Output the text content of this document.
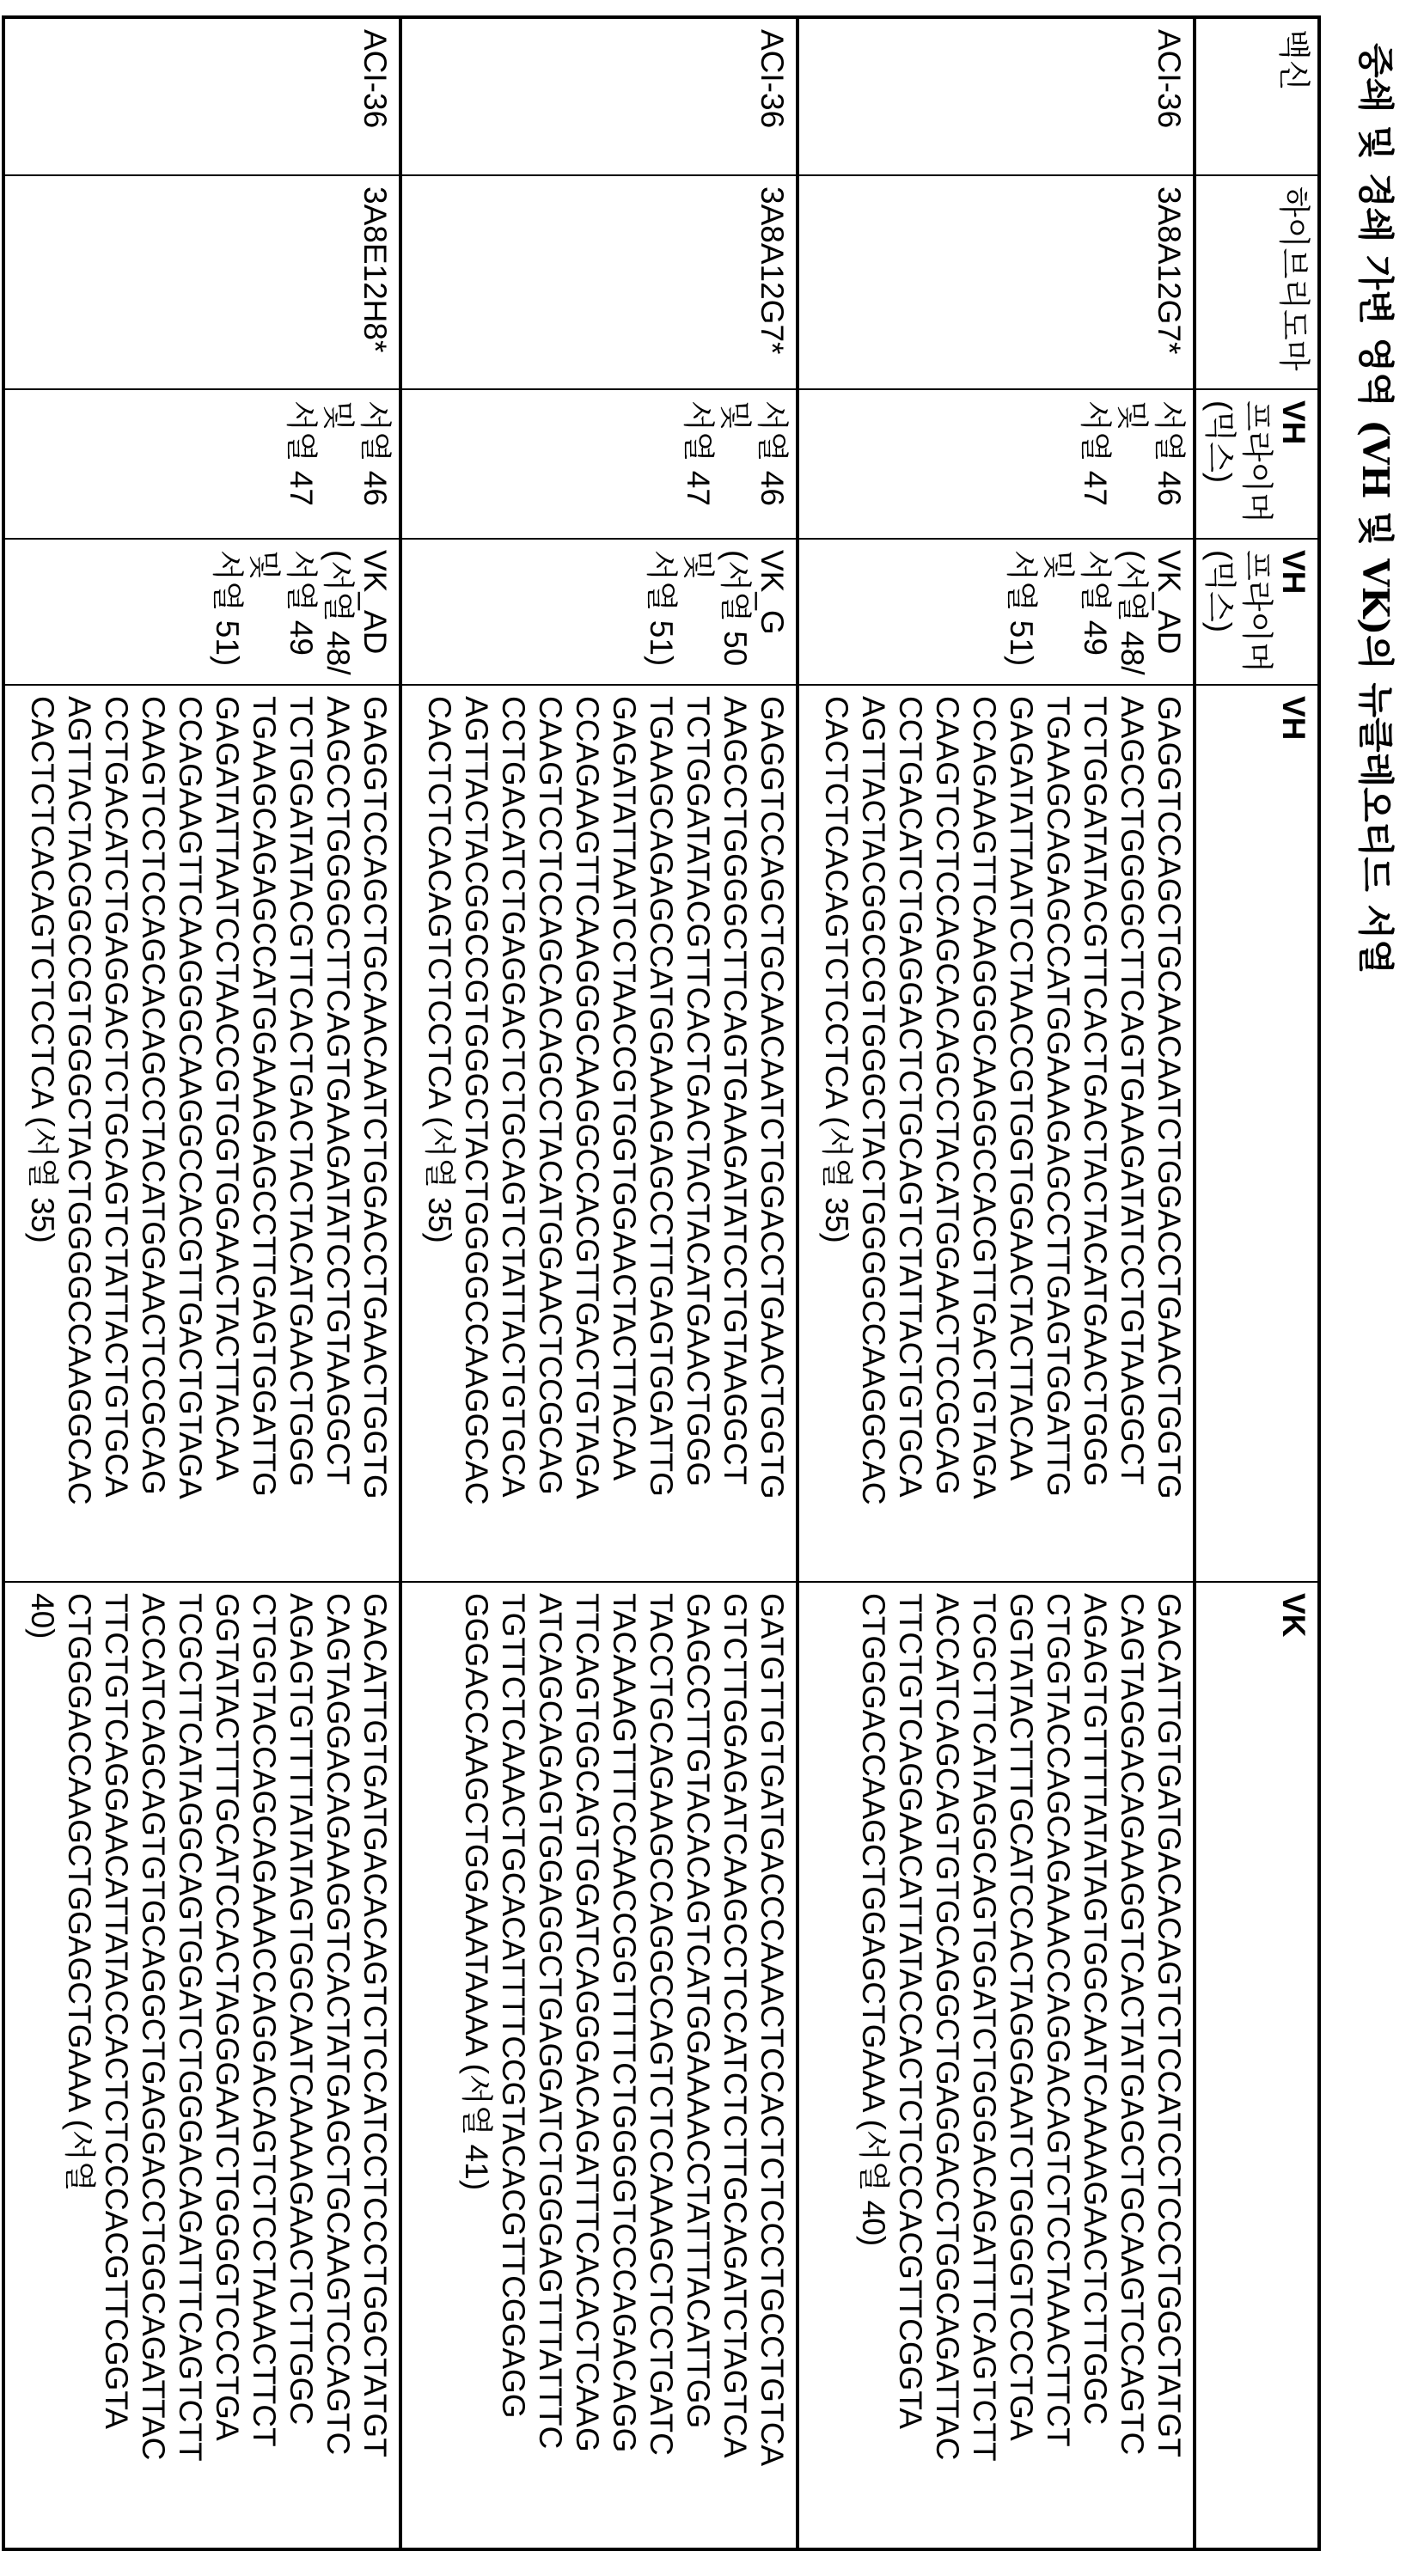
중쇄 및 경쇄 가변 영역 (VH 및 VK)의 뉴클레오티드 서열
백신	하이브리도마	
VH
프라이머
(믹스)

VH
프라이머
(믹스)
	VH	VK
ACI-36	3A8A12G7*	
서열 46
및
서열 47

VK_AD
(서열 48/
서열 49
및
서열 51)

GAGGTCCAGCTGCAACAATCTGGACCTGAACTGGTG
AAGCCTGGGGCTTCAGTGAAGATATCCTGTAAGGCT
TCTGGATATACGTTCACTGACTACTACATGAACTGGG
TGAAGCAGAGCCATGGAAAGAGCCTTGAGTGGATTG
GAGATATTAATCCTAACCGTGGTGGAACTACTTACAA
CCAGAAGTTCAAGGGCAAGGCCACGTTGACTGTAGA
CAAGTCCTCCAGCACAGCCTACATGGAACTCCGCAG
CCTGACATCTGAGGACTCTGCAGTCTATTACTGTGCA
AGTTACTACGGCCGTGGGCTACTGGGGCCAAGGCAC
CACTCTCACAGTCTCCTCA (서열 35)

GACATTGTGATGACACAGTCTCCATCCTCCCTGGCTATGT
CAGTAGGACAGAAGGTCACTATGAGCTGCAAGTCCAGTC
AGAGTGTTTTATATAGTGGCAATCAAAAGAACTCTTGGC
CTGGTACCAGCAGAAACCAGGACAGTCTCCTAAACTTCT
GGTATACTTTGCATCCACTAGGGAATCTGGGGTCCCTGA
TCGCTTCATAGGCAGTGGATCTGGGACAGATTTCAGTCTT
ACCATCAGCAGTGTGCAGGCTGAGGACCTGGCAGATTAC
TTCTGTCAGGAACATTATACCACTCTCCCACGTTCGGTA
CTGGGACCAAGCTGGAGCTGAAA (서열 40)

ACI-36	3A8A12G7*	
서열 46
및
서열 47

VK_G
(서열 50
및
서열 51)

GAGGTCCAGCTGCAACAATCTGGACCTGAACTGGTG
AAGCCTGGGGCTTCAGTGAAGATATCCTGTAAGGCT
TCTGGATATACGTTCACTGACTACTACATGAACTGGG
TGAAGCAGAGCCATGGAAAGAGCCTTGAGTGGATTG
GAGATATTAATCCTAACCGTGGTGGAACTACTTACAA
CCAGAAGTTCAAGGGCAAGGCCACGTTGACTGTAGA
CAAGTCCTCCAGCACAGCCTACATGGAACTCCGCAG
CCTGACATCTGAGGACTCTGCAGTCTATTACTGTGCA
AGTTACTACGGCCGTGGGCTACTGGGGCCAAGGCAC
CACTCTCACAGTCTCCTCA (서열 35)

GATGTTGTGATGACCCAAACTCCACTCTCCCTGCCTGTCA
GTCTTGGAGATCAAGCCTCCATCTCTTGCAGATCTAGTCA
GAGCCTTGTACACAGTCATGGAAAACCTATTTACATTGG
TACCTGCAGAAGCCAGGCCAGTCTCCAAAGCTCCTGATC
TACAAAGTTTCCAACCGGTTTTCTGGGGTCCCAGACAGG
TTCAGTGGCAGTGGATCAGGGACAGATTTCACACTCAAG
ATCAGCAGAGTGGAGGCTGAGGATCTGGGAGTTTATTTC
TGTTCTCAAACTGCACATTTTCCGTACACGTTCGGAGG
GGGACCAAGCTGGAAATAAAA (서열 41)

ACI-36	3A8E12H8*	
서열 46
및
서열 47

VK_AD
(서열 48/
서열 49
및
서열 51)

GAGGTCCAGCTGCAACAATCTGGACCTGAACTGGTG
AAGCCTGGGGCTTCAGTGAAGATATCCTGTAAGGCT
TCTGGATATACGTTCACTGACTACTACATGAACTGGG
TGAAGCAGAGCCATGGAAAGAGCCTTGAGTGGATTG
GAGATATTAATCCTAACCGTGGTGGAACTACTTACAA
CCAGAAGTTCAAGGGCAAGGCCACGTTGACTGTAGA
CAAGTCCTCCAGCACAGCCTACATGGAACTCCGCAG
CCTGACATCTGAGGACTCTGCAGTCTATTACTGTGCA
AGTTACTACGGCCGTGGGCTACTGGGGCCAAGGCAC
CACTCTCACAGTCTCCTCA (서열 35)

GACATTGTGATGACACAGTCTCCATCCTCCCTGGCTATGT
CAGTAGGACAGAAGGTCACTATGAGCTGCAAGTCCAGTC
AGAGTGTTTTATATAGTGGCAATCAAAAGAACTCTTGGC
CTGGTACCAGCAGAAACCAGGACAGTCTCCTAAACTTCT
GGTATACTTTGCATCCACTAGGGAATCTGGGGTCCCTGA
TCGCTTCATAGGCAGTGGATCTGGGACAGATTTCAGTCTT
ACCATCAGCAGTGTGCAGGCTGAGGACCTGGCAGATTAC
TTCTGTCAGGAACATTATACCACTCTCCCACGTTCGGTA
CTGGGACCAAGCTGGAGCTGAAA (서열
40)
